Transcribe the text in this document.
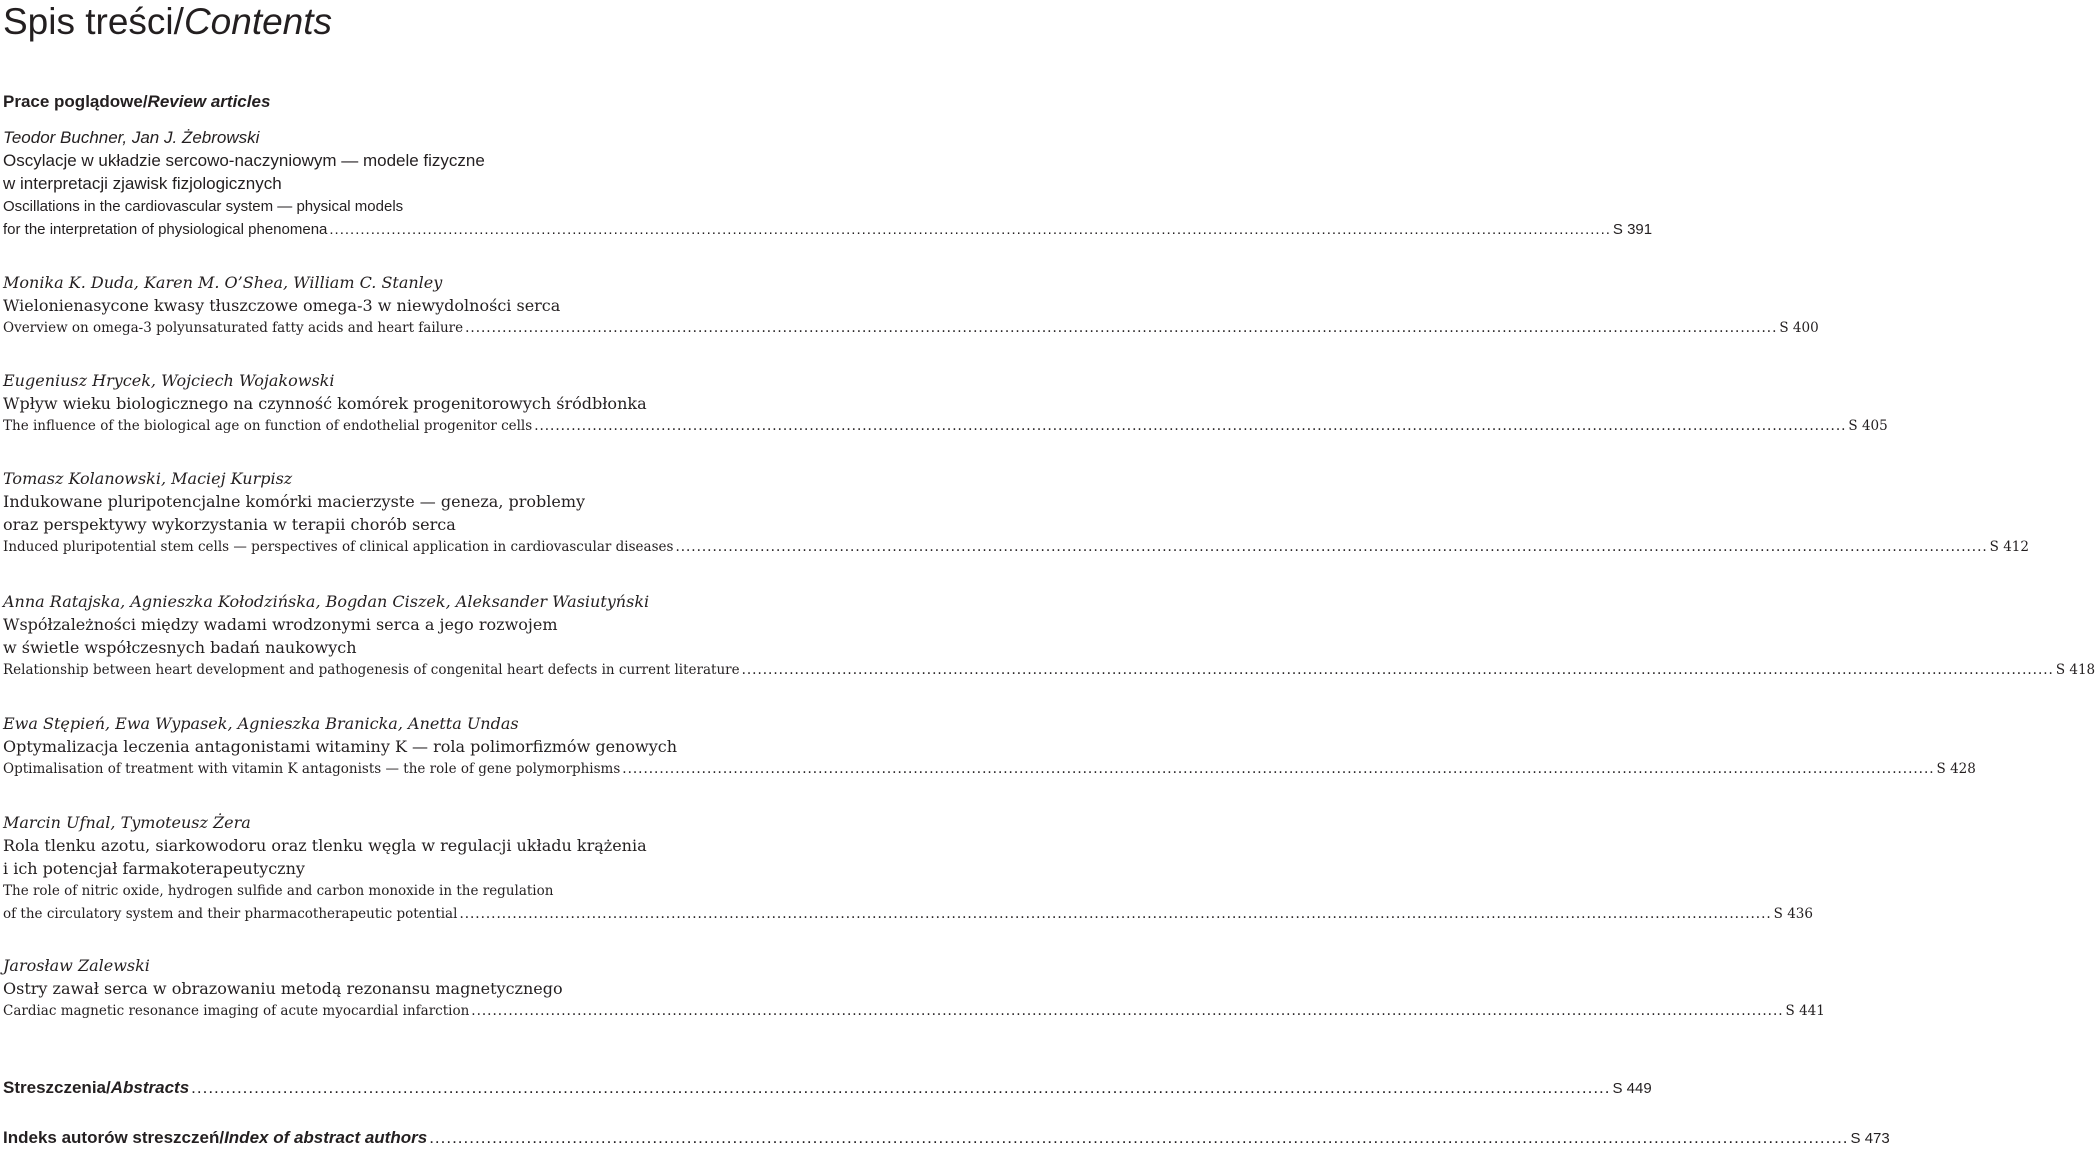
Spis treści/Contents
Prace poglądowe/Review articles
Teodor Buchner, Jan J. Żebrowski
Oscylacje w układzie sercowo-naczyniowym — modele fizyczne
w interpretacji zjawisk fizjologicznych
Oscillations in the cardiovascular system — physical models
for the interpretation of physiological phenomena .....	S 391
Monika K. Duda, Karen M. O’Shea, William C. Stanley
Wielonienasycone kwasy tłuszczowe omega-3 w niewydolności serca
Overview on omega-3 polyunsaturated fatty acids and heart failure .....	S 400
Eugeniusz Hrycek, Wojciech Wojakowski
Wpływ wieku biologicznego na czynność komórek progenitorowych śródbłonka
The influence of the biological age on function of endothelial progenitor cells .....	S 405
Tomasz Kolanowski, Maciej Kurpisz
Indukowane pluripotencjalne komórki macierzyste — geneza, problemy
oraz perspektywy wykorzystania w terapii chorób serca
Induced pluripotential stem cells — perspectives of clinical application in cardiovascular diseases .....	S 412
Anna Ratajska, Agnieszka Kołodzińska, Bogdan Ciszek, Aleksander Wasiutyński
Współzależności między wadami wrodzonymi serca a jego rozwojem
w świetle współczesnych badań naukowych
Relationship between heart development and pathogenesis of congenital heart defects in current literature .....	S 418
Ewa Stępień, Ewa Wypasek, Agnieszka Branicka, Anetta Undas
Optymalizacja leczenia antagonistami witaminy K — rola polimorfizmów genowych
Optimalisation of treatment with vitamin K antagonists — the role of gene polymorphisms .....	S 428
Marcin Ufnal, Tymoteusz Żera
Rola tlenku azotu, siarkowodoru oraz tlenku węgla w regulacji układu krążenia
i ich potencjał farmakoterapeutyczny
The role of nitric oxide, hydrogen sulfide and carbon monoxide in the regulation
of the circulatory system and their pharmacotherapeutic potential .....	S 436
Jarosław Zalewski
Ostry zawał serca w obrazowaniu metodą rezonansu magnetycznego
Cardiac magnetic resonance imaging of acute myocardial infarction .....	S 441
Streszczenia/Abstracts .....	S 449
Indeks autorów streszczeń/Index of abstract authors .....	S 473
